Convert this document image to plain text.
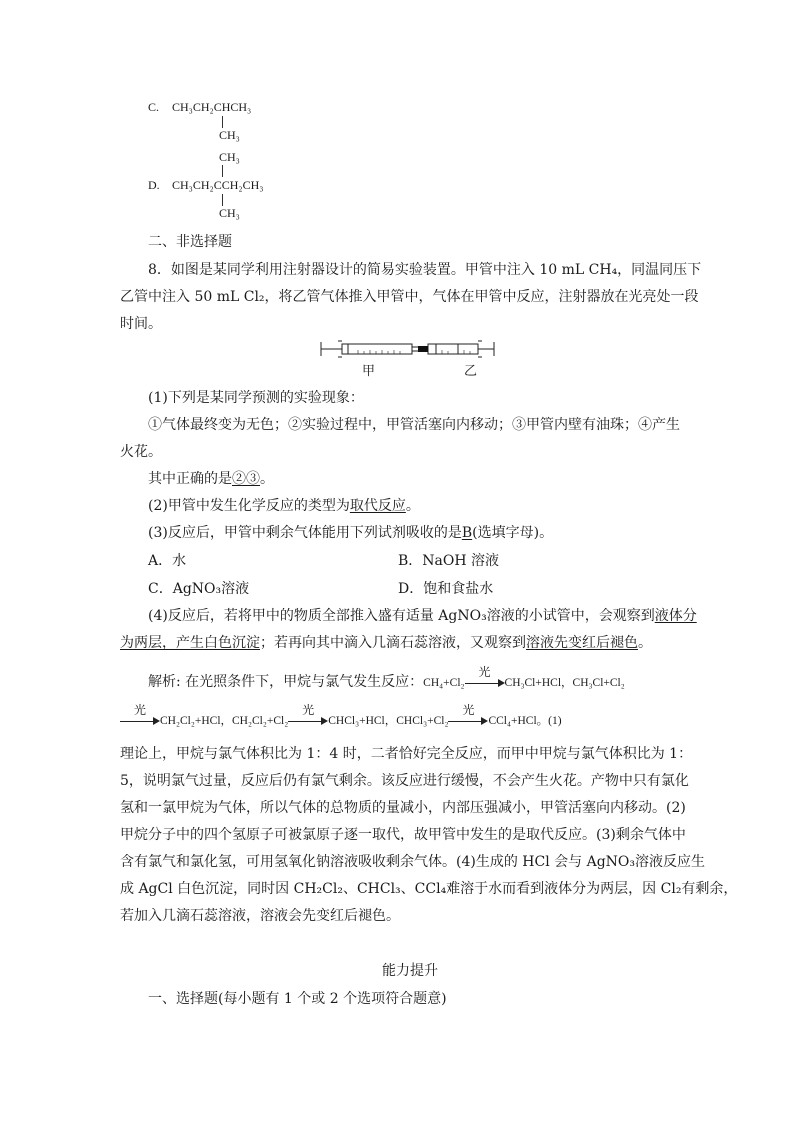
C. CH₃CH₂CHCH₃
CH₃
CH₃
D. CH₃CH₂CCH₂CH₃
CH₃
二、非选择题
8．如图是某同学利用注射器设计的简易实验装置。甲管中注入 10 mL CH₄，同温同压下
乙管中注入 50 mL Cl₂，将乙管气体推入甲管中，气体在甲管中反应，注射器放在光亮处一段
时间。
甲	乙
(1)下列是某同学预测的实验现象：
①气体最终变为无色；②实验过程中，甲管活塞向内移动；③甲管内壁有油珠；④产生
火花。
其中正确的是②③。
(2)甲管中发生化学反应的类型为取代反应。
(3)反应后，甲管中剩余气体能用下列试剂吸收的是B(选填字母)。
A．水	B．NaOH 溶液
C．AgNO₃溶液	D．饱和食盐水
(4)反应后，若将甲中的物质全部推入盛有适量 AgNO₃溶液的小试管中，会观察到液体分
为两层，产生白色沉淀；若再向其中滴入几滴石蕊溶液，又观察到溶液先变红后褪色。
解析: 在光照条件下，甲烷与氯气发生反应：CH₄+Cl₂
光
CH₃Cl+HCl，CH₃Cl+Cl₂
光
CH₂Cl₂+HCl，CH₂Cl₂+Cl₂
光
CHCl₃+HCl，CHCl₃+Cl₂
光
CCl₄+HCl。(1)
理论上，甲烷与氯气体积比为 1：4 时，二者恰好完全反应，而甲中甲烷与氯气体积比为 1：
5，说明氯气过量，反应后仍有氯气剩余。该反应进行缓慢，不会产生火花。产物中只有氯化
氢和一氯甲烷为气体，所以气体的总物质的量减小，内部压强减小，甲管活塞向内移动。(2)
甲烷分子中的四个氢原子可被氯原子逐一取代，故甲管中发生的是取代反应。(3)剩余气体中
含有氯气和氯化氢，可用氢氧化钠溶液吸收剩余气体。(4)生成的 HCl 会与 AgNO₃溶液反应生
成 AgCl 白色沉淀，同时因 CH₂Cl₂、CHCl₃、CCl₄难溶于水而看到液体分为两层，因 Cl₂有剩余，
若加入几滴石蕊溶液，溶液会先变红后褪色。
能力提升
一、选择题(每小题有 1 个或 2 个选项符合题意)
